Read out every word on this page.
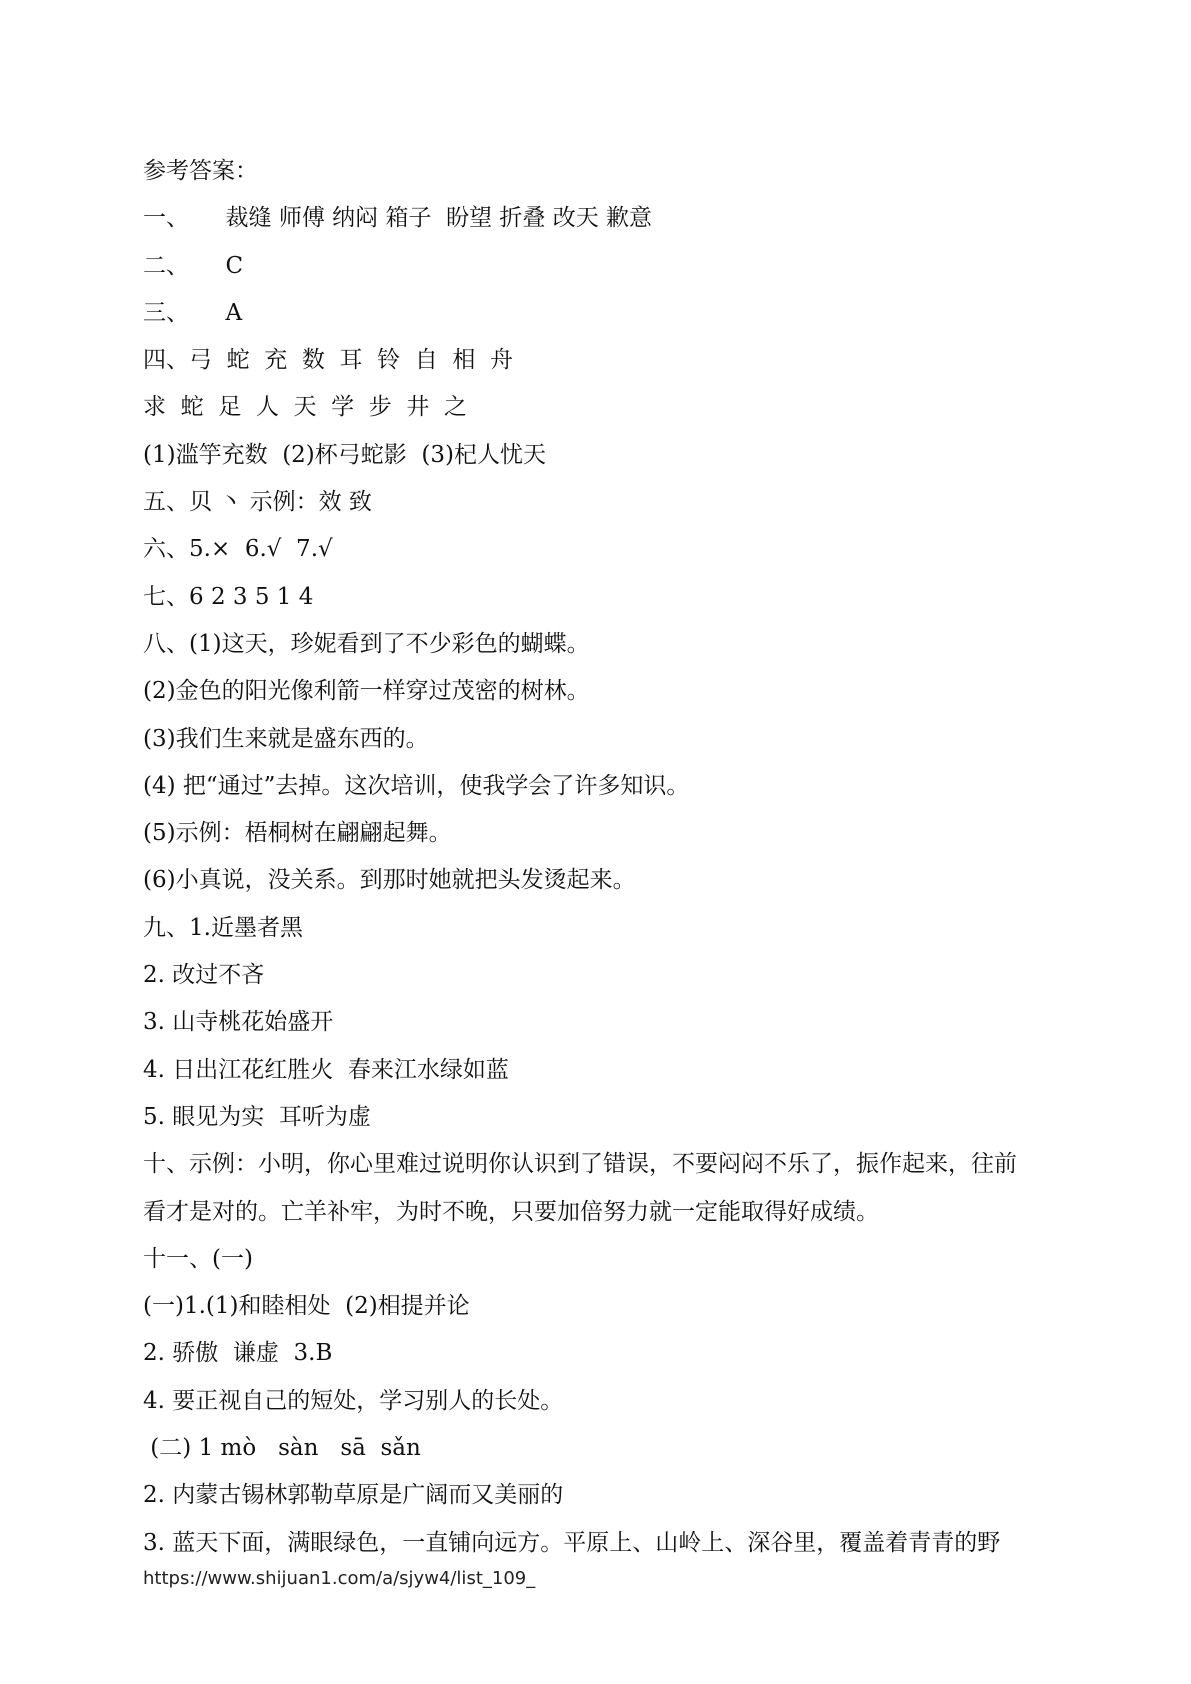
参考答案：
一、     裁缝 师傅 纳闷 箱子  盼望 折叠 改天 歉意
二、     C
三、     A
四、弓  蛇  充  数  耳  铃  自  相  舟
求  蛇  足  人  天  学  步  井  之
(1)滥竽充数  (2)杯弓蛇影  (3)杞人忧天
五、贝 丶 示例：效 致
六、5.×  6.√  7.√
七、6 2 3 5 1 4
八、(1)这天，珍妮看到了不少彩色的蝴蝶。
(2)金色的阳光像利箭一样穿过茂密的树林。
(3)我们生来就是盛东西的。
(4) 把“通过”去掉。这次培训，使我学会了许多知识。
(5)示例：梧桐树在翩翩起舞。
(6)小真说，没关系。到那时她就把头发烫起来。
九、1.近墨者黑
2. 改过不吝
3. 山寺桃花始盛开
4. 日出江花红胜火  春来江水绿如蓝
5. 眼见为实  耳听为虚
十、示例：小明，你心里难过说明你认识到了错误，不要闷闷不乐了，振作起来，往前
看才是对的。亡羊补牢，为时不晚，只要加倍努力就一定能取得好成绩。
十一、(一)
(一)1.(1)和睦相处  (2)相提并论
2. 骄傲  谦虚  3.B
4. 要正视自己的短处，学习别人的长处。
(二) 1 mò   sàn   sā  sǎn
2. 内蒙古锡林郭勒草原是广阔而又美丽的
3. 蓝天下面，满眼绿色，一直铺向远方。平原上、山岭上、深谷里，覆盖着青青的野
https://www.shijuan1.com/a/sjyw4/list_109_
